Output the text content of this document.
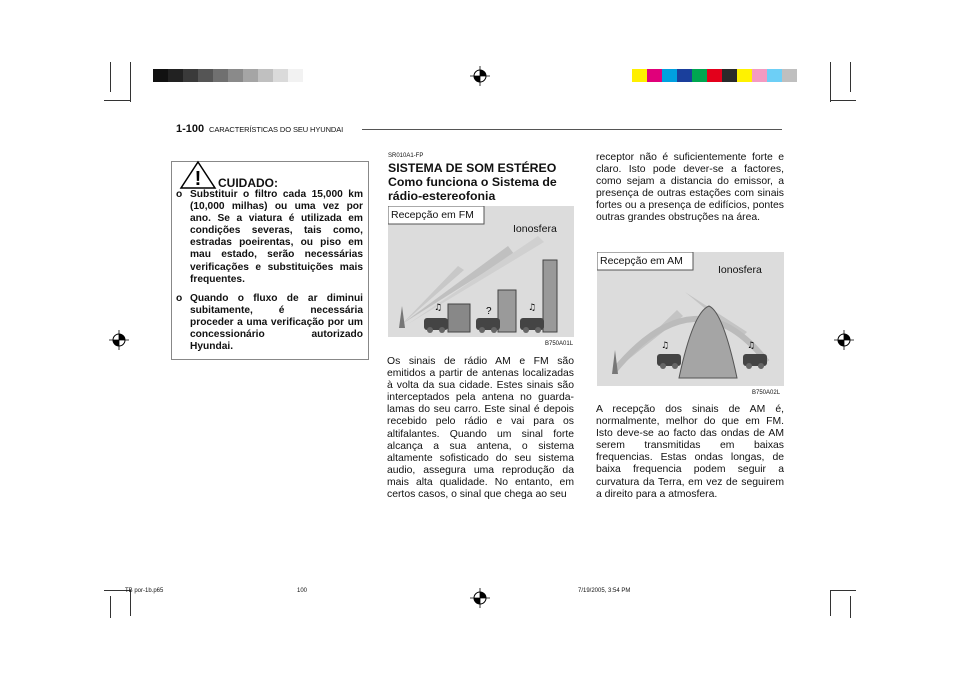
1-100 CARACTERÍSTICAS DO SEU HYUNDAI
! CUIDADO:
o Substituir o filtro cada 15,000 km (10,000 milhas) ou uma vez por ano. Se a viatura é utilizada em condições severas, tais como, estradas poeirentas, ou piso em mau estado, serão necessárias verificações e substituições mais frequentes.
o Quando o fluxo de ar diminui subitamente, é necessária proceder a uma verificação por um concessionário autorizado Hyundai.
SR010A1-FP
SISTEMA DE SOM ESTÉREO Como funciona o Sistema de rádio-estereofonia
?
♫	♫
Recepção em FM
Ionosfera
B750A01L
Os sinais de rádio AM e FM são emitidos a partir de antenas localizadas à volta da sua cidade. Estes sinais são interceptados pela antena no guarda-lamas do seu carro. Este sinal é depois recebido pelo rádio e vai para os altifalantes. Quando um sinal forte alcança a sua antena, o sistema altamente sofisticado do seu sistema audio, assegura uma reprodução da mais alta qualidade. No entanto, em certos casos, o sinal que chega ao seu
receptor não é suficientemente forte e claro. Isto pode dever-se a factores, como sejam a distancia do emissor, a presença de outras estações com sinais fortes ou a presença de edifícios, pontes outras grandes obstruções na área.
♫	♫
Recepção em AM
Ionosfera
B750A02L
A recepção dos sinais de AM é, normalmente, melhor do que em FM. Isto deve-se ao facto das ondas de AM serem transmitidas em baixas frequencias. Estas ondas longas, de baixa frequencia podem seguir a curvatura da Terra, em vez de seguirem a direito para a atmosfera.
TB por-1b.p65	100	7/19/2005, 3:54 PM
